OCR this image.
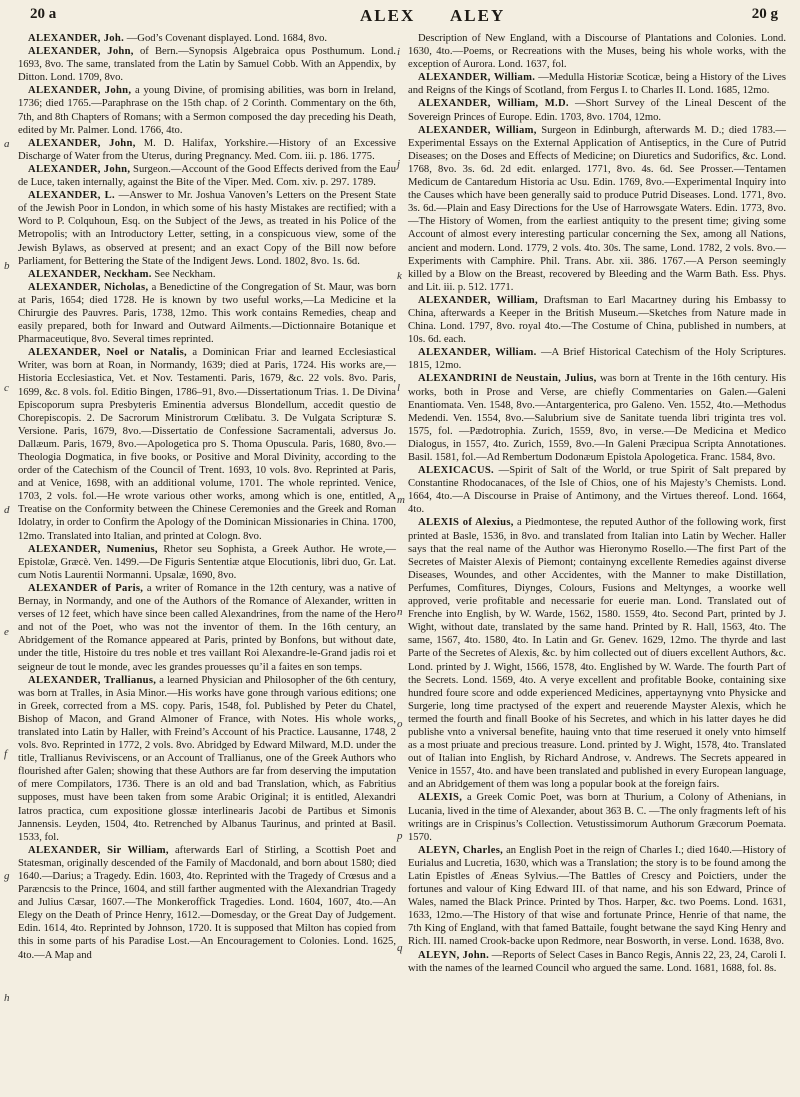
20 a	ALEX ALEY	20 g

ALEXANDER, Joh. —God’s Covenant displayed. Lond. 1684, 8vo.

ALEXANDER, John, of Bern.—Synopsis Algebraica opus Posthumum. Lond. 1693, 8vo. The same, translated from the Latin by Samuel Cobb. With an Appendix, by Ditton. Lond. 1709, 8vo.

ALEXANDER, John, a young Divine, of promising abilities, was born in Ireland, 1736; died 1765.—Paraphrase on the 15th chap. of 2 Corinth. Commentary on the 6th, 7th, and 8th Chapters of Romans; with a Sermon composed the day preceding his Death, edited by Mr. Palmer. Lond. 1766, 4to.

ALEXANDER, John, M. D. Halifax, Yorkshire.—History of an Excessive Discharge of Water from the Uterus, during Pregnancy. Med. Com. iii. p. 186. 1775.

ALEXANDER, John, Surgeon.—Account of the Good Effects derived from the Eau de Luce, taken internally, against the Bite of the Viper. Med. Com. xiv. p. 297. 1789.

ALEXANDER, L. —Answer to Mr. Joshua Vanoven’s Letters on the Present State of the Jewish Poor in London, in which some of his hasty Mistakes are rectified; with a Word to P. Colquhoun, Esq. on the Subject of the Jews, as treated in his Police of the Metropolis; with an Introductory Letter, setting, in a conspicuous view, some of the Jewish Bylaws, as observed at present; and an exact Copy of the Bill now before Parliament, for Bettering the State of the Indigent Jews. Lond. 1802, 8vo. 1s. 6d.

ALEXANDER, Neckham. See Neckham.

ALEXANDER, Nicholas, a Benedictine of the Congregation of St. Maur, was born at Paris, 1654; died 1728. He is known by two useful works,—La Medicine et la Chirurgie des Pauvres. Paris, 1738, 12mo. This work contains Remedies, cheap and easily prepared, both for Inward and Outward Ailments.—Dictionnaire Botanique et Pharmaceutique, 8vo. Several times reprinted.

ALEXANDER, Noel or Natalis, a Dominican Friar and learned Ecclesiastical Writer, was born at Roan, in Normandy, 1639; died at Paris, 1724. His works are,—Historia Ecclesiastica, Vet. et Nov. Testamenti. Paris, 1679, &c. 22 vols. 8vo. Paris, 1699, &c. 8 vols. fol. Editio Bingen, 1786–91, 8vo.—Dissertationum Trias. 1. De Divina Episcoporum supra Presbyteris Eminentia adversus Blondellum, accedit questio de Chorepiscopis. 2. De Sacrorum Ministrorum Cœlibatu. 3. De Vulgata Scripturæ S. Versione. Paris, 1679, 8vo.—Dissertatio de Confessione Sacramentali, adversus Jo. Dallæum. Paris, 1679, 8vo.—Apologetica pro S. Thoma Opuscula. Paris, 1680, 8vo.—Theologia Dogmatica, in five books, or Positive and Moral Divinity, according to the order of the Catechism of the Council of Trent. 1693, 10 vols. 8vo. Reprinted at Paris, and at Venice, 1698, with an additional volume, 1701. The whole reprinted. Venice, 1703, 2 vols. fol.—He wrote various other works, among which is one, entitled, A Treatise on the Conformity between the Chinese Ceremonies and the Greek and Roman Idolatry, in order to Confirm the Apology of the Dominican Missionaries in China. 1700, 12mo. Translated into Italian, and printed at Cologn. 8vo.

ALEXANDER, Numenius, Rhetor seu Sophista, a Greek Author. He wrote,—Epistolæ, Græcè. Ven. 1499.—De Figuris Sententiæ atque Elocutionis, libri duo, Gr. Lat. cum Notis Laurentii Normanni. Upsalæ, 1690, 8vo.

ALEXANDER of Paris, a writer of Romance in the 12th century, was a native of Bernay, in Normandy, and one of the Authors of the Romance of Alexander, written in verses of 12 feet, which have since been called Alexandrines, from the name of the Hero and not of the Poet, who was not the inventor of them. In the 16th century, an Abridgement of the Romance appeared at Paris, printed by Bonfons, but without date, under the title, Histoire du tres noble et tres vaillant Roi Alexandre-le-Grand jadis roi et seigneur de tout le monde, avec les grandes prouesses qu’il a faites en son temps.

ALEXANDER, Trallianus, a learned Physician and Philosopher of the 6th century, was born at Tralles, in Asia Minor.—His works have gone through various editions; one in Greek, corrected from a MS. copy. Paris, 1548, fol. Published by Peter du Chatel, Bishop of Macon, and Grand Almoner of France, with Notes. His whole works, translated into Latin by Haller, with Freind’s Account of his Practice. Lausanne, 1748, 2 vols. 8vo. Reprinted in 1772, 2 vols. 8vo. Abridged by Edward Milward, M.D. under the title, Trallianus Reviviscens, or an Account of Trallianus, one of the Greek Authors who flourished after Galen; showing that these Authors are far from deserving the imputation of mere Compilators, 1736. There is an old and bad Translation, which, as Fabritius supposes, must have been taken from some Arabic Original; it is entitled, Alexandri Iatros practica, cum expositione glossæ interlinearis Jacobi de Partibus et Simonis Jannensis. Leyden, 1504, 4to. Retrenched by Albanus Taurinus, and printed at Basil. 1533, fol.

ALEXANDER, Sir William, afterwards Earl of Stirling, a Scottish Poet and Statesman, originally descended of the Family of Macdonald, and born about 1580; died 1640.—Darius; a Tragedy. Edin. 1603, 4to. Reprinted with the Tragedy of Crœsus and a Paræncsis to the Prince, 1604, and still farther augmented with the Alexandrian Tragedy and Julius Cæsar, 1607.—The Monkeroffick Tragedies. Lond. 1604, 1607, 4to.—An Elegy on the Death of Prince Henry, 1612.—Domesday, or the Great Day of Judgement. Edin. 1614, 4to. Reprinted by Johnson, 1720. It is supposed that Milton has copied from this in some parts of his Paradise Lost.—An Encouragement to Colonies. Lond. 1625, 4to.—A Map and

Description of New England, with a Discourse of Plantations and Colonies. Lond. 1630, 4to.—Poems, or Recreations with the Muses, being his whole works, with the exception of Aurora. Lond. 1637, fol.

ALEXANDER, William. —Medulla Historiæ Scoticæ, being a History of the Lives and Reigns of the Kings of Scotland, from Fergus I. to Charles II. Lond. 1685, 12mo.

ALEXANDER, William, M.D. —Short Survey of the Lineal Descent of the Sovereign Princes of Europe. Edin. 1703, 8vo. 1704, 12mo.

ALEXANDER, William, Surgeon in Edinburgh, afterwards M. D.; died 1783.—Experimental Essays on the External Application of Antiseptics, in the Cure of Putrid Diseases; on the Doses and Effects of Medicine; on Diuretics and Sudorifics, &c. Lond. 1768, 8vo. 3s. 6d. 2d edit. enlarged. 1771, 8vo. 4s. 6d. See Prosser.—Tentamen Medicum de Cantaredum Historia ac Usu. Edin. 1769, 8vo.—Experimental Inquiry into the Causes which have been generally said to produce Putrid Diseases. Lond. 1771, 8vo. 3s. 6d.—Plain and Easy Directions for the Use of Harrowsgate Waters. Edin. 1773, 8vo.—The History of Women, from the earliest antiquity to the present time; giving some Account of almost every interesting particular concerning the Sex, among all Nations, ancient and modern. Lond. 1779, 2 vols. 4to. 30s. The same, Lond. 1782, 2 vols. 8vo.—Experiments with Camphire. Phil. Trans. Abr. xii. 386. 1767.—A Person seemingly killed by a Blow on the Breast, recovered by Bleeding and the Warm Bath. Ess. Phys. and Lit. iii. p. 512. 1771.

ALEXANDER, William, Draftsman to Earl Macartney during his Embassy to China, afterwards a Keeper in the British Museum.—Sketches from Nature made in China. Lond. 1797, 8vo. royal 4to.—The Costume of China, published in numbers, at 10s. 6d. each.

ALEXANDER, William. —A Brief Historical Catechism of the Holy Scriptures. 1815, 12mo.

ALEXANDRINI de Neustain, Julius, was born at Trente in the 16th century. His works, both in Prose and Verse, are chiefly Commentaries on Galen.—Galeni Enantiomata. Ven. 1548, 8vo.—Antargenterica, pro Galeno. Ven. 1552, 4to.—Methodus Medendi. Ven. 1554, 8vo.—Salubrium sive de Sanitate tuenda libri triginta tres vol. 1575, fol. —Pædotrophia. Zurich, 1559, 8vo, in verse.—De Medicina et Medico Dialogus, in 1557, 4to. Zurich, 1559, 8vo.—In Galeni Præcipua Scripta Annotationes. Basil. 1581, fol.—Ad Rembertum Dodonæum Epistola Apologetica. Franc. 1584, 8vo.

ALEXICACUS. —Spirit of Salt of the World, or true Spirit of Salt prepared by Constantine Rhodocanaces, of the Isle of Chios, one of his Majesty’s Chemists. Lond. 1664, 4to.—A Discourse in Praise of Antimony, and the Virtues thereof. Lond. 1664, 4to.

ALEXIS of Alexius, a Piedmontese, the reputed Author of the following work, first printed at Basle, 1536, in 8vo. and translated from Italian into Latin by Wecher. Haller says that the real name of the Author was Hieronymo Rosello.—The first Part of the Secretes of Maister Alexis of Piemont; containyng excellente Remedies against diverse Diseases, Woundes, and other Accidentes, with the Manner to make Distillation, Perfumes, Comfitures, Diynges, Colours, Fusions and Meltynges, a woorke well approved, verie profitable and necessarie for euerie man. Lond. Translated out of Frenche into English, by W. Warde, 1562, 1580. 1559, 4to. Second Part, printed by J. Wight, without date, translated by the same hand. Printed by R. Hall, 1563, 4to. The same, 1567, 4to. 1580, 4to. In Latin and Gr. Genev. 1629, 12mo. The thyrde and last Parte of the Secretes of Alexis, &c. by him collected out of diuers excellent Authors, &c. Lond. printed by J. Wight, 1566, 1578, 4to. Englished by W. Warde. The fourth Part of the Secrets. Lond. 1569, 4to. A verye excellent and profitable Booke, containing sixe hundred foure score and odde experienced Medicines, appertaynyng vnto Physicke and Surgerie, long time practysed of the expert and reuerende Mayster Alexis, which he termed the fourth and finall Booke of his Secretes, and which in his latter dayes he did publishe vnto a vniversal benefite, hauing vnto that time reserued it onely vnto himself as a most priuate and precious treasure. Lond. printed by J. Wight, 1578, 4to. Translated out of Italian into English, by Richard Androse, v. Andrews. The Secrets appeared in Venice in 1557, 4to. and have been translated and published in every European language, and an Abridgement of them was long a popular book at the foreign fairs.

ALEXIS, a Greek Comic Poet, was born at Thurium, a Colony of Athenians, in Lucania, lived in the time of Alexander, about 363 B. C. —The only fragments left of his writings are in Crispinus’s Collection. Vetustissimorum Authorum Græcorum Poemata. 1570.

ALEYN, Charles, an English Poet in the reign of Charles I.; died 1640.—History of Eurialus and Lucretia, 1630, which was a Translation; the story is to be found among the Latin Epistles of Æneas Sylvius.—The Battles of Crescy and Poictiers, under the fortunes and valour of King Edward III. of that name, and his son Edward, Prince of Wales, named the Black Prince. Printed by Thos. Harper, &c. two Poems. Lond. 1631, 1633, 12mo.—The History of that wise and fortunate Prince, Henrie of that name, the 7th King of England, with that famed Battaile, fought betwane the sayd King Henry and Rich. III. named Crook-backe upon Redmore, near Bosworth, in verse. Lond. 1638, 8vo.

ALEYN, John. —Reports of Select Cases in Banco Regis, Annis 22, 23, 24, Caroli I. with the names of the learned Council who argued the same. Lond. 1681, 1688, fol. 8s.

a
b
c
d
e
f
g
h
i
j
k
l
m
n
o
p
q
